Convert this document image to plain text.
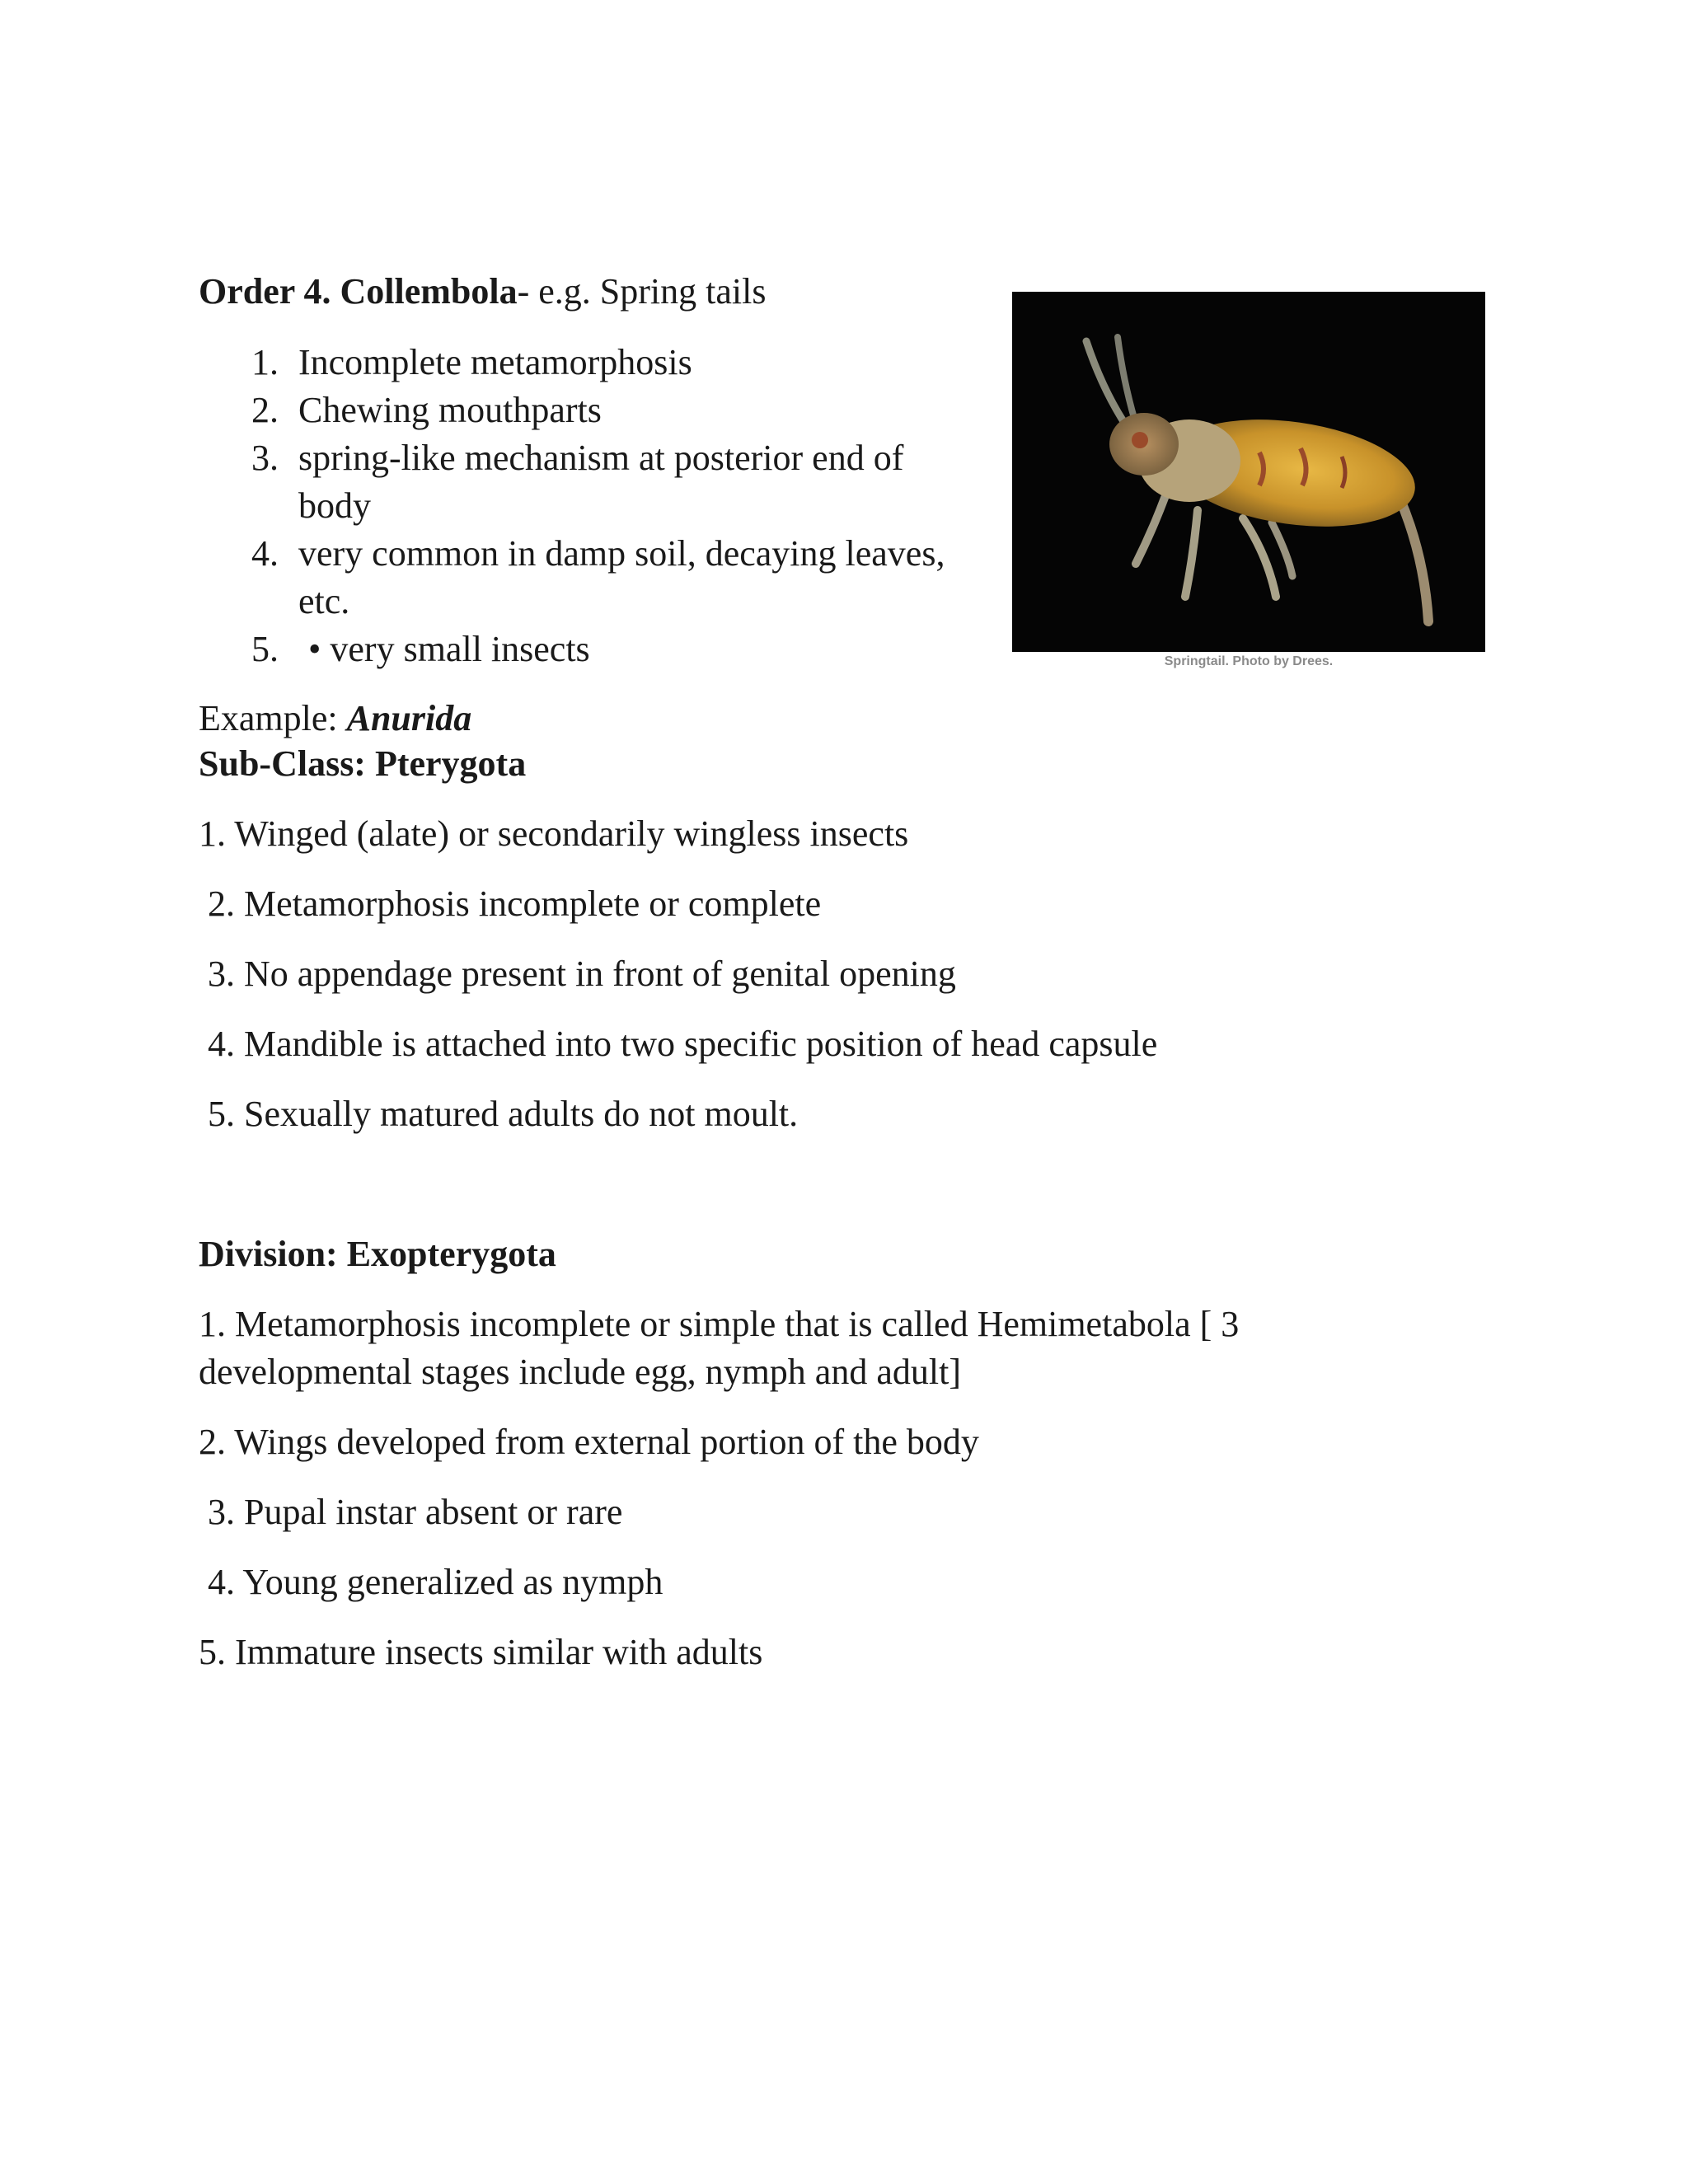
Order 4. Collembola- e.g. Spring tails
1. Incomplete metamorphosis
2. Chewing mouthparts
3. spring-like mechanism at posterior end of
body
4. very common in damp soil, decaying leaves,
etc.
5. • very small insects	Springtail. Photo by Drees.
Example: Anurida
Sub-Class: Pterygota
1. Winged (alate) or secondarily wingless insects
2. Metamorphosis incomplete or complete
3. No appendage present in front of genital opening
4. Mandible is attached into two specific position of head capsule
5. Sexually matured adults do not moult.
Division: Exopterygota
1. Metamorphosis incomplete or simple that is called Hemimetabola [ 3
developmental stages include egg, nymph and adult]
2. Wings developed from external portion of the body
3. Pupal instar absent or rare
4. Young generalized as nymph
5. Immature insects similar with adults
